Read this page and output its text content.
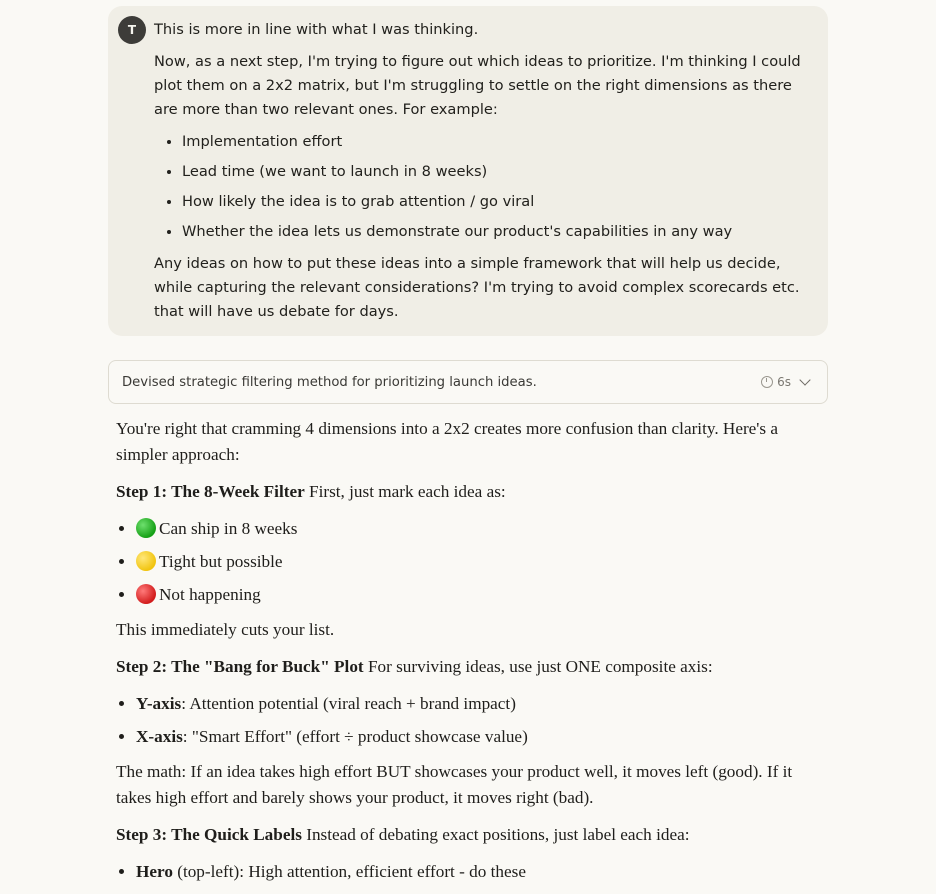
T	This is more in line with what I was thinking.

Now, as a next step, I'm trying to figure out which ideas to prioritize. I'm thinking I could plot them on a 2x2 matrix, but I'm struggling to settle on the right dimensions as there are more than two relevant ones. For example:

• Implementation effort
• Lead time (we want to launch in 8 weeks)
• How likely the idea is to grab attention / go viral
• Whether the idea lets us demonstrate our product's capabilities in any way

Any ideas on how to put these ideas into a simple framework that will help us decide, while capturing the relevant considerations? I'm trying to avoid complex scorecards etc. that will have us debate for days.

Devised strategic filtering method for prioritizing launch ideas.	6s

You're right that cramming 4 dimensions into a 2x2 creates more confusion than clarity. Here's a simpler approach:

Step 1: The 8-Week Filter First, just mark each idea as:

• Can ship in 8 weeks
• Tight but possible
• Not happening

This immediately cuts your list.

Step 2: The "Bang for Buck" Plot For surviving ideas, use just ONE composite axis:

• Y-axis: Attention potential (viral reach + brand impact)
• X-axis: "Smart Effort" (effort ÷ product showcase value)

The math: If an idea takes high effort BUT showcases your product well, it moves left (good). If it takes high effort and barely shows your product, it moves right (bad).

Step 3: The Quick Labels Instead of debating exact positions, just label each idea:

• Hero (top-left): High attention, efficient effort - do these
